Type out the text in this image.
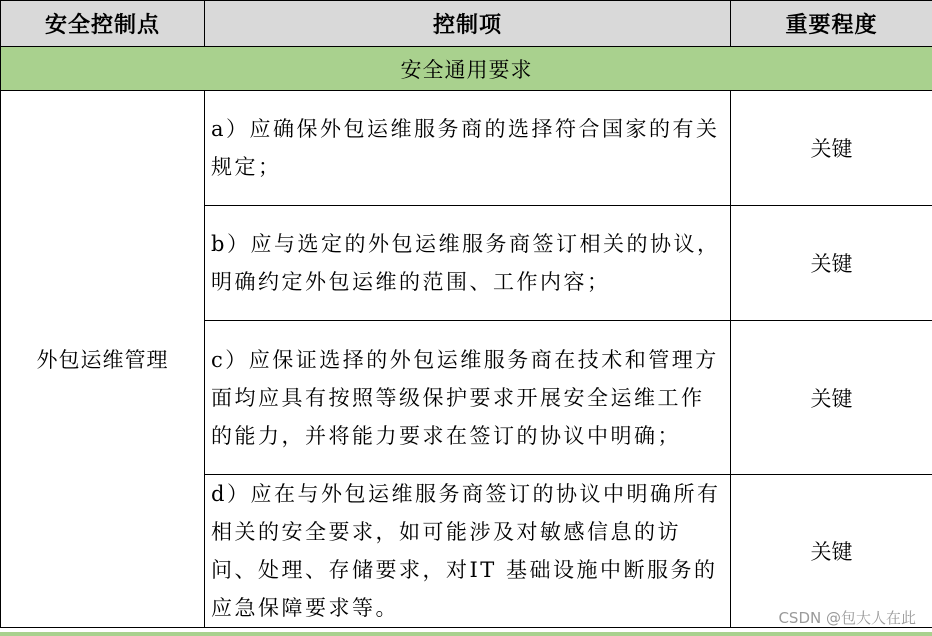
安全控制点	控制项	重要程度
安全通用要求		
外包运维管理	a）应确保外包运维服务商的选择符合国家的有关规定；	关键
	b）应与选定的外包运维服务商签订相关的协议，明确约定外包运维的范围、工作内容；	关键
	c）应保证选择的外包运维服务商在技术和管理方面均应具有按照等级保护要求开展安全运维工作的能力，并将能力要求在签订的协议中明确；	关键
	d）应在与外包运维服务商签订的协议中明确所有相关的安全要求，如可能涉及对敏感信息的访问、处理、存储要求，对IT 基础设施中断服务的应急保障要求等。	关键
CSDN @包大人在此
